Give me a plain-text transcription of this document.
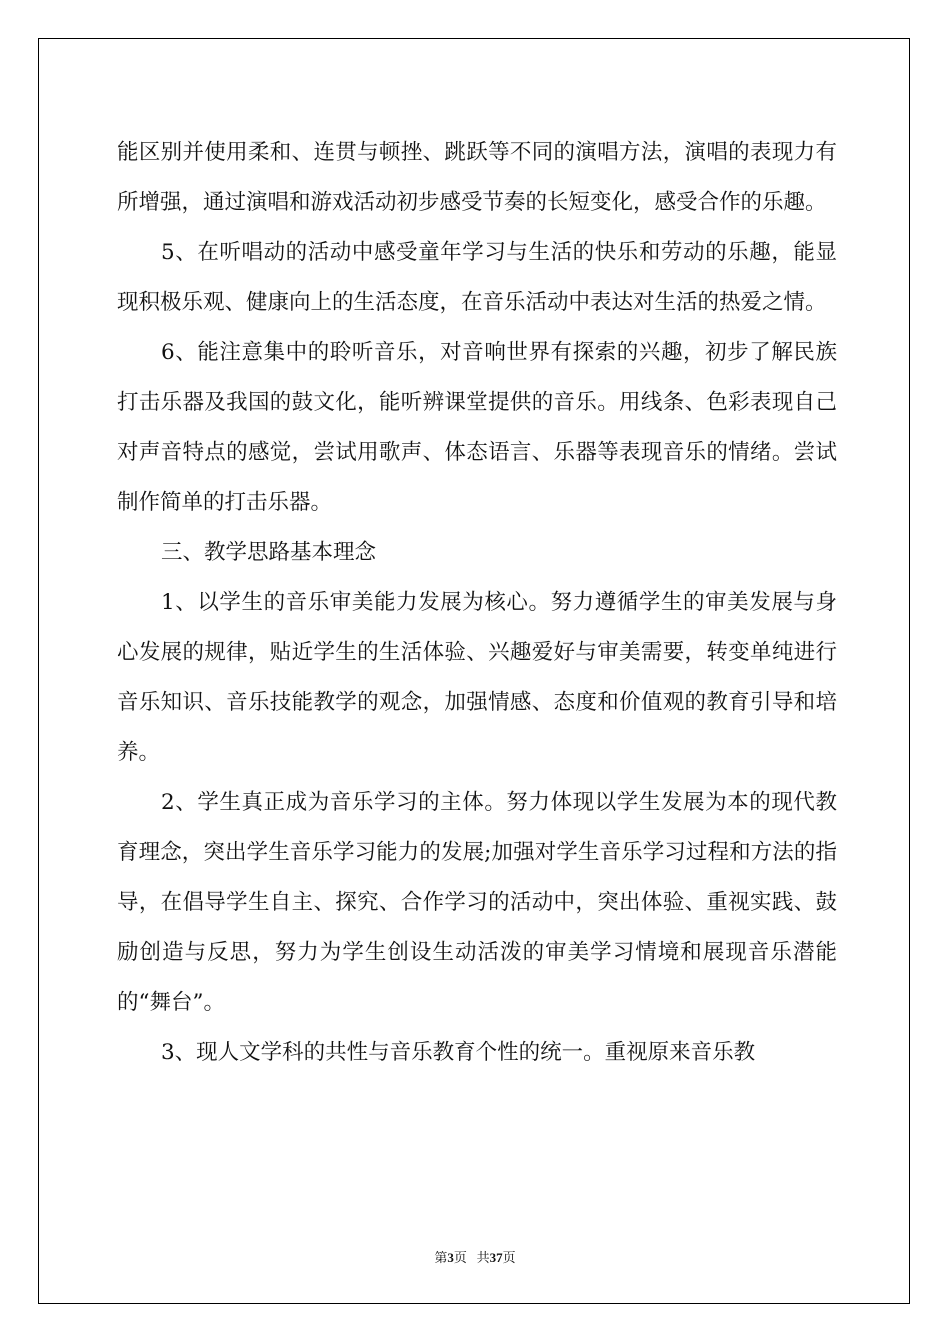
能区别并使用柔和、连贯与顿挫、跳跃等不同的演唱方法，演唱的表现力有所增强，通过演唱和游戏活动初步感受节奏的长短变化，感受合作的乐趣。

5、在听唱动的活动中感受童年学习与生活的快乐和劳动的乐趣，能显现积极乐观、健康向上的生活态度，在音乐活动中表达对生活的热爱之情。

6、能注意集中的聆听音乐，对音响世界有探索的兴趣，初步了解民族打击乐器及我国的鼓文化，能听辨课堂提供的音乐。用线条、色彩表现自己对声音特点的感觉，尝试用歌声、体态语言、乐器等表现音乐的情绪。尝试制作简单的打击乐器。

三、教学思路基本理念

1、以学生的音乐审美能力发展为核心。努力遵循学生的审美发展与身心发展的规律，贴近学生的生活体验、兴趣爱好与审美需要，转变单纯进行音乐知识、音乐技能教学的观念，加强情感、态度和价值观的教育引导和培养。

2、学生真正成为音乐学习的主体。努力体现以学生发展为本的现代教育理念，突出学生音乐学习能力的发展;加强对学生音乐学习过程和方法的指导，在倡导学生自主、探究、合作学习的活动中，突出体验、重视实践、鼓励创造与反思，努力为学生创设生动活泼的审美学习情境和展现音乐潜能的“舞台”。

3、现人文学科的共性与音乐教育个性的统一。重视原来音乐教

第3页 共37页
